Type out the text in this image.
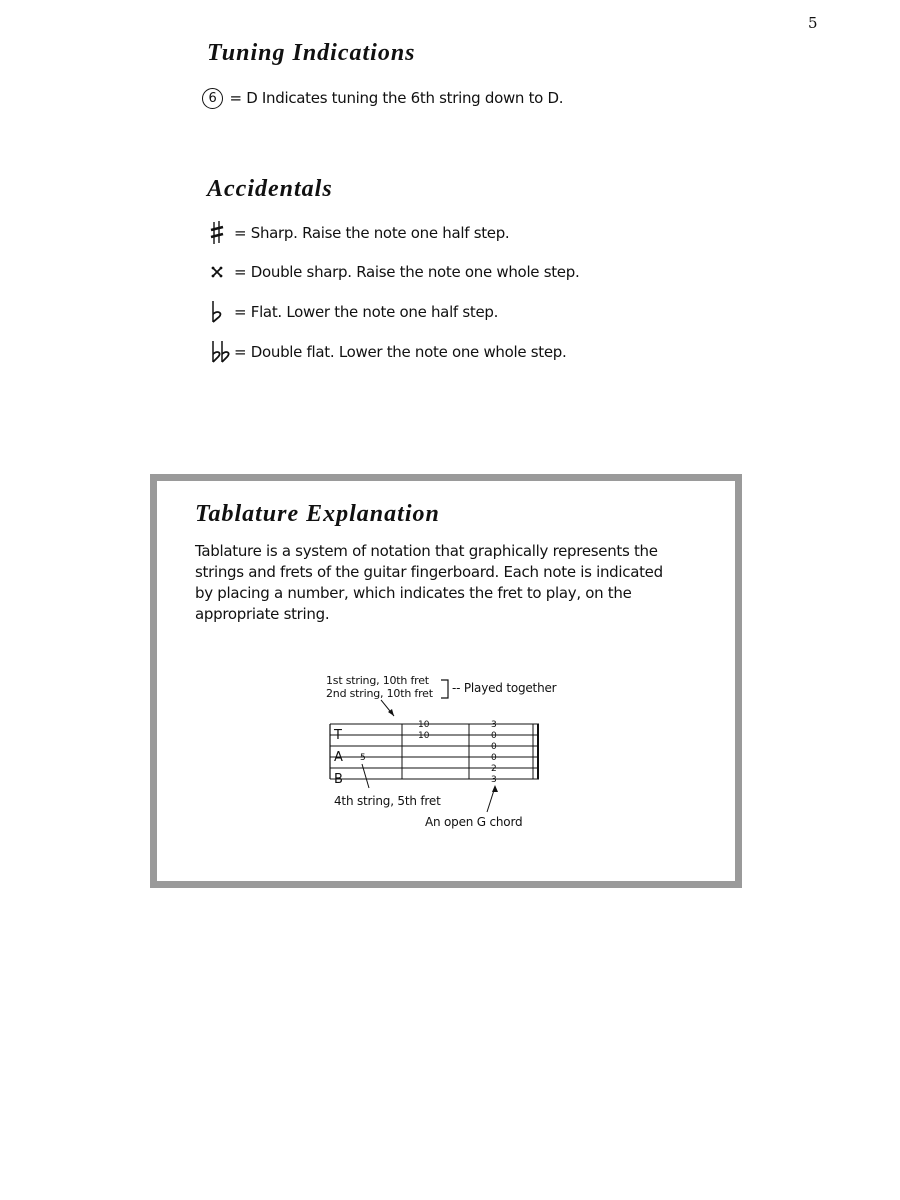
5
Tuning Indications
6 = D Indicates tuning the 6th string down to D.
Accidentals
= Sharp. Raise the note one half step.
= Double sharp. Raise the note one whole step.
= Flat. Lower the note one half step.
= Double flat. Lower the note one whole step.
Tablature Explanation

Tablature is a system of notation that graphically represents the
strings and frets of the guitar fingerboard. Each note is indicated
by placing a number, which indicates the fret to play, on the
appropriate string.

1st string, 10th fret
2nd string, 10th fret -- Played together
T
A
B
5
10
10
3
0
0
0
2
3
4th string, 5th fret
An open G chord
